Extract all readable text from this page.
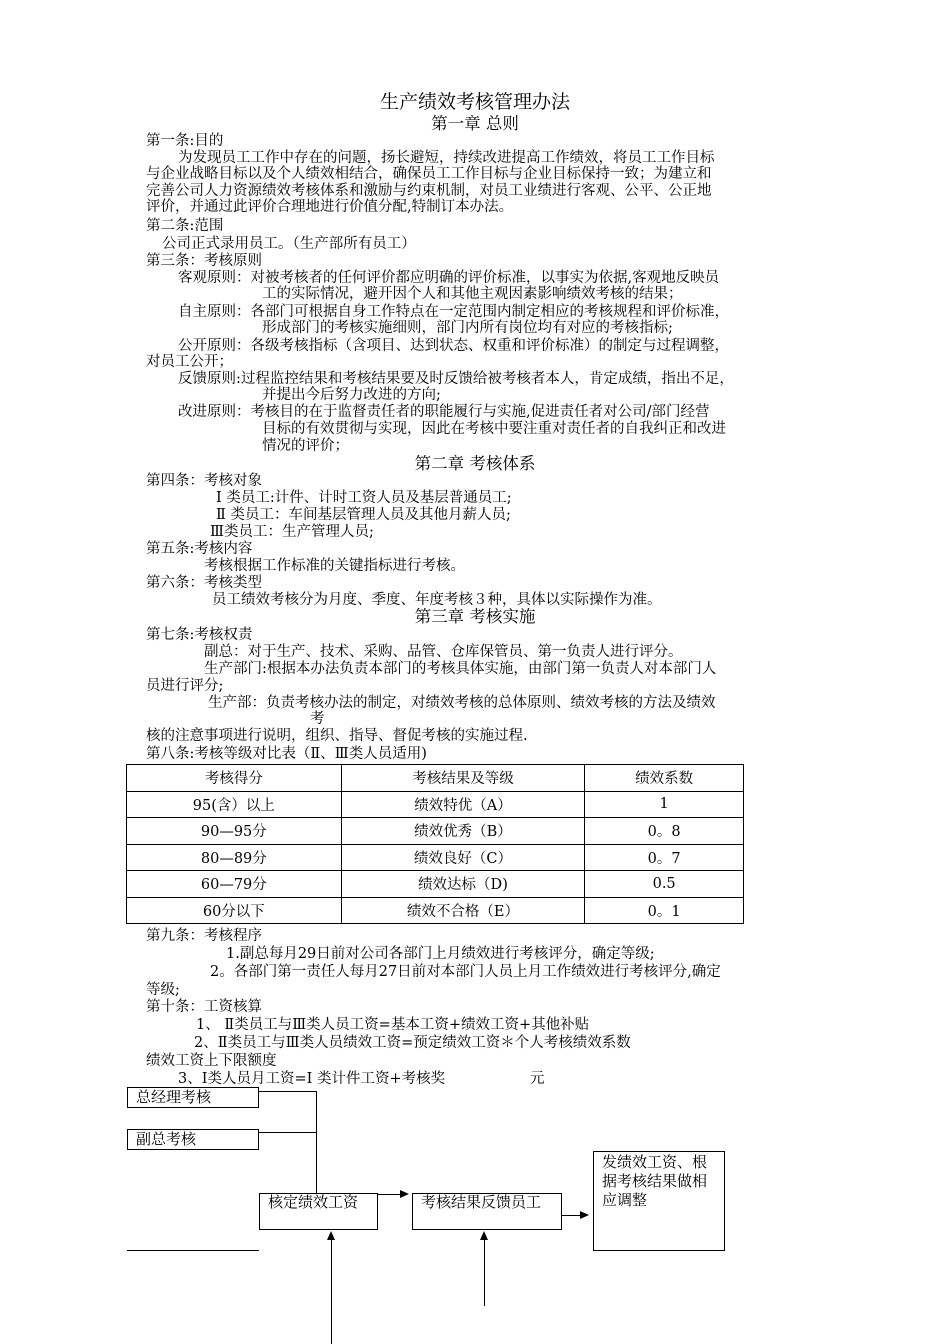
生产绩效考核管理办法
第一章 总则
第一条:目的
为发现员工工作中存在的问题，扬长避短，持续改进提高工作绩效，将员工工作目标
与企业战略目标以及个人绩效相结合，确保员工工作目标与企业目标保持一致；为建立和
完善公司人力资源绩效考核体系和激励与约束机制，对员工业绩进行客观、公平、公正地
评价，并通过此评价合理地进行价值分配,特制订本办法。
第二条:范围
公司正式录用员工。（生产部所有员工）
第三条：考核原则
客观原则：对被考核者的任何评价都应明确的评价标准，以事实为依据,客观地反映员
工的实际情况，避开因个人和其他主观因素影响绩效考核的结果；
自主原则：各部门可根据自身工作特点在一定范围内制定相应的考核规程和评价标准，
形成部门的考核实施细则，部门内所有岗位均有对应的考核指标;
公开原则：各级考核指标（含项目、达到状态、权重和评价标准）的制定与过程调整，
对员工公开；
反馈原则:过程监控结果和考核结果要及时反馈给被考核者本人，肯定成绩，指出不足，
并提出今后努力改进的方向;
改进原则：考核目的在于监督责任者的职能履行与实施,促进责任者对公司/部门经营
目标的有效贯彻与实现，因此在考核中要注重对责任者的自我纠正和改进
情况的评价；
第二章 考核体系
第四条：考核对象
Ⅰ 类员工:计件、计时工资人员及基层普通员工;
Ⅱ 类员工：车间基层管理人员及其他月薪人员;
Ⅲ类员工：生产管理人员;
第五条:考核内容
考核根据工作标准的关键指标进行考核。
第六条：考核类型
员工绩效考核分为月度、季度、年度考核３种，具体以实际操作为准。
第三章 考核实施
第七条:考核权责
副总：对于生产、技术、采购、品管、仓库保管员、第一负责人进行评分。
生产部门:根据本办法负责本部门的考核具体实施，由部门第一负责人对本部门人
员进行评分;
生产部：负责考核办法的制定，对绩效考核的总体原则、绩效考核的方法及绩效
考
核的注意事项进行说明，组织、指导、督促考核的实施过程.
第八条:考核等级对比表（Ⅱ、Ⅲ类人员适用)
考核得分	考核结果及等级	绩效系数
95(含）以上	绩效特优（A）	1
90—95分	绩效优秀（B）	0。8
80—89分	绩效良好（C）	0。7
60—79分	绩效达标（D)	0.5
60分以下	绩效不合格（E）	0。1
第九条：考核程序
1.副总每月29日前对公司各部门上月绩效进行考核评分，确定等级;
2。各部门第一责任人每月27日前对本部门人员上月工作绩效进行考核评分,确定
等级;
第十条：工资核算
1、 Ⅱ类员工与Ⅲ类人员工资=基本工资+绩效工资+其他补贴
2、Ⅱ类员工与Ⅲ类人员绩效工资=预定绩效工资＊个人考核绩效系数
绩效工资上下限额度
3、Ⅰ类人员月工资=Ⅰ 类计件工资+考核奖	元
总经理考核
副总考核
核定绩效工资	考核结果反馈员工
发绩效工资、根据考核结果做相应调整
